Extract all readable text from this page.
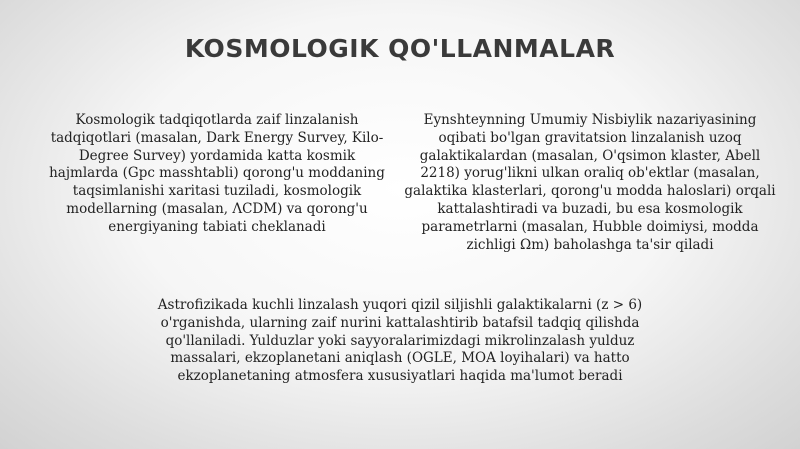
KOSMOLOGIK QO'LLANMALAR

Kosmologik tadqiqotlarda zaif linzalanish tadqiqotlari (masalan, Dark Energy Survey, Kilo-Degree Survey) yordamida katta kosmik hajmlarda (Gpc masshtabli) qorong'u moddaning taqsimlanishi xaritasi tuziladi, kosmologik modellarning (masalan, ΛCDM) va qorong'u energiyaning tabiati cheklanadi

Eynshteynning Umumiy Nisbiylik nazariyasining oqibati bo'lgan gravitatsion linzalanish uzoq galaktikalardan (masalan, O'qsimon klaster, Abell 2218) yorug'likni ulkan oraliq ob'ektlar (masalan, galaktika klasterlari, qorong'u modda haloslari) orqali kattalashtiradi va buzadi, bu esa kosmologik parametrlarni (masalan, Hubble doimiysi, modda zichligi Ωm) baholashga ta'sir qiladi

Astrofizikada kuchli linzalash yuqori qizil siljishli galaktikalarni (z > 6) o'rganishda, ularning zaif nurini kattalashtirib batafsil tadqiq qilishda qo'llaniladi. Yulduzlar yoki sayyoralarimizdagi mikrolinzalash yulduz massalari, ekzoplanetani aniqlash (OGLE, MOA loyihalari) va hatto ekzoplanetaning atmosfera xususiyatlari haqida ma'lumot beradi
